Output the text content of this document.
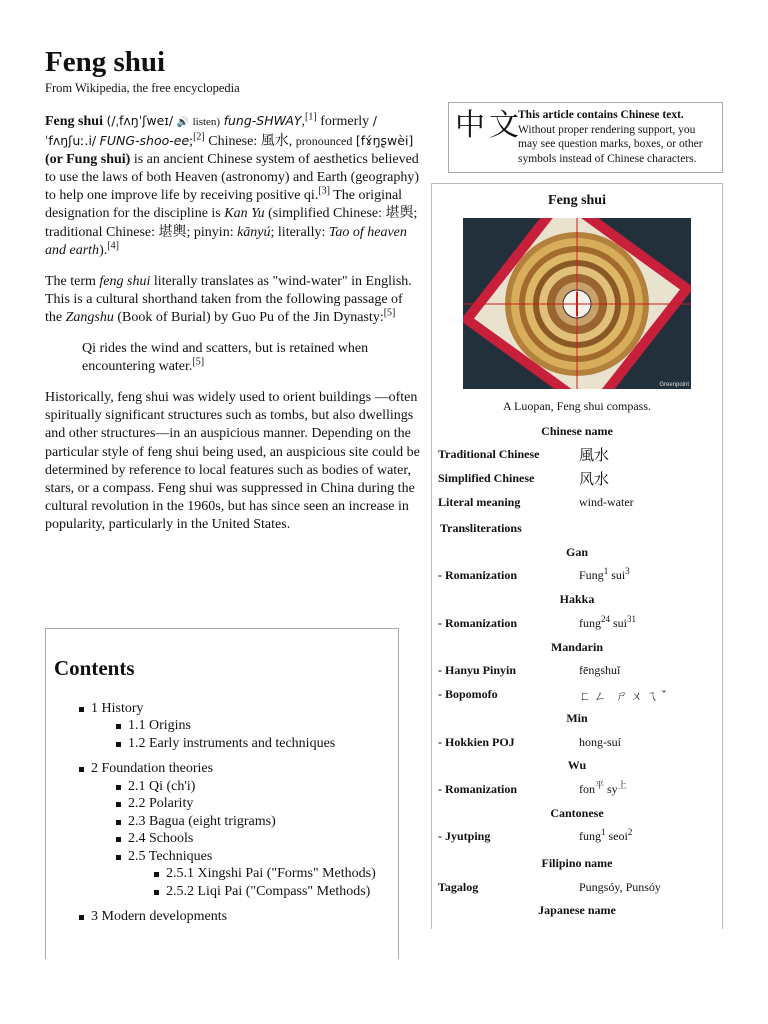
Feng shui
From Wikipedia, the free encyclopedia

Feng shui (/ˌfʌŋˈʃweɪ/ 🔊 listen) fung-SHWAY,[1] formerly /ˈfʌŋʃuː.i/ FUNG-shoo-ee;[2] Chinese: 風水, pronounced [fɤ́ŋʂwèi] (or Fung shui) is an ancient Chinese system of aesthetics believed to use the laws of both Heaven (astronomy) and Earth (geography) to help one improve life by receiving positive qi.[3] The original designation for the discipline is Kan Yu (simplified Chinese: 堪舆; traditional Chinese: 堪輿; pinyin: kānyú; literally: Tao of heaven and earth).[4]

The term feng shui literally translates as "wind-water" in English. This is a cultural shorthand taken from the following passage of the Zangshu (Book of Burial) by Guo Pu of the Jin Dynasty:[5]

Qi rides the wind and scatters, but is retained when encountering water.[5]

Historically, feng shui was widely used to orient buildings —often spiritually significant structures such as tombs, but also dwellings and other structures—in an auspicious manner. Depending on the particular style of feng shui being used, an auspicious site could be determined by reference to local features such as bodies of water, stars, or a compass. Feng shui was suppressed in China during the cultural revolution in the 1960s, but has since seen an increase in popularity, particularly in the United States.

中文
This article contains Chinese text.
Without proper rendering support, you may see question marks, boxes, or other symbols instead of Chinese characters.
Feng shui
Greenpoint
A Luopan, Feng shui compass.
Chinese name
Traditional Chinese	風水
Simplified Chinese	风水
Literal meaning	wind-water
Transliterations
Gan
- Romanization	Fung$^1$ sui$^3$
Hakka
- Romanization	fung$^{24}$ sui$^{31}$
Mandarin
- Hanyu Pinyin	fēngshuǐ
- Bopomofo	ㄈㄥ ㄕㄨㄟˇ
Min
- Hokkien POJ	hong-suí
Wu
- Romanization	fon$^平$ $sy^上$
Cantonese
- Jyutping	fung$^1$ seoi$^2$
Filipino name
Tagalog	Pungsóy, Punsóy
Japanese name
Contents
1 History
1.1 Origins
1.2 Early instruments and techniques
2 Foundation theories
2.1 Qi (ch'i)
2.2 Polarity
2.3 Bagua (eight trigrams)
2.4 Schools
2.5 Techniques
2.5.1 Xingshi Pai ("Forms" Methods)
2.5.2 Liqi Pai ("Compass" Methods)
3 Modern developments
